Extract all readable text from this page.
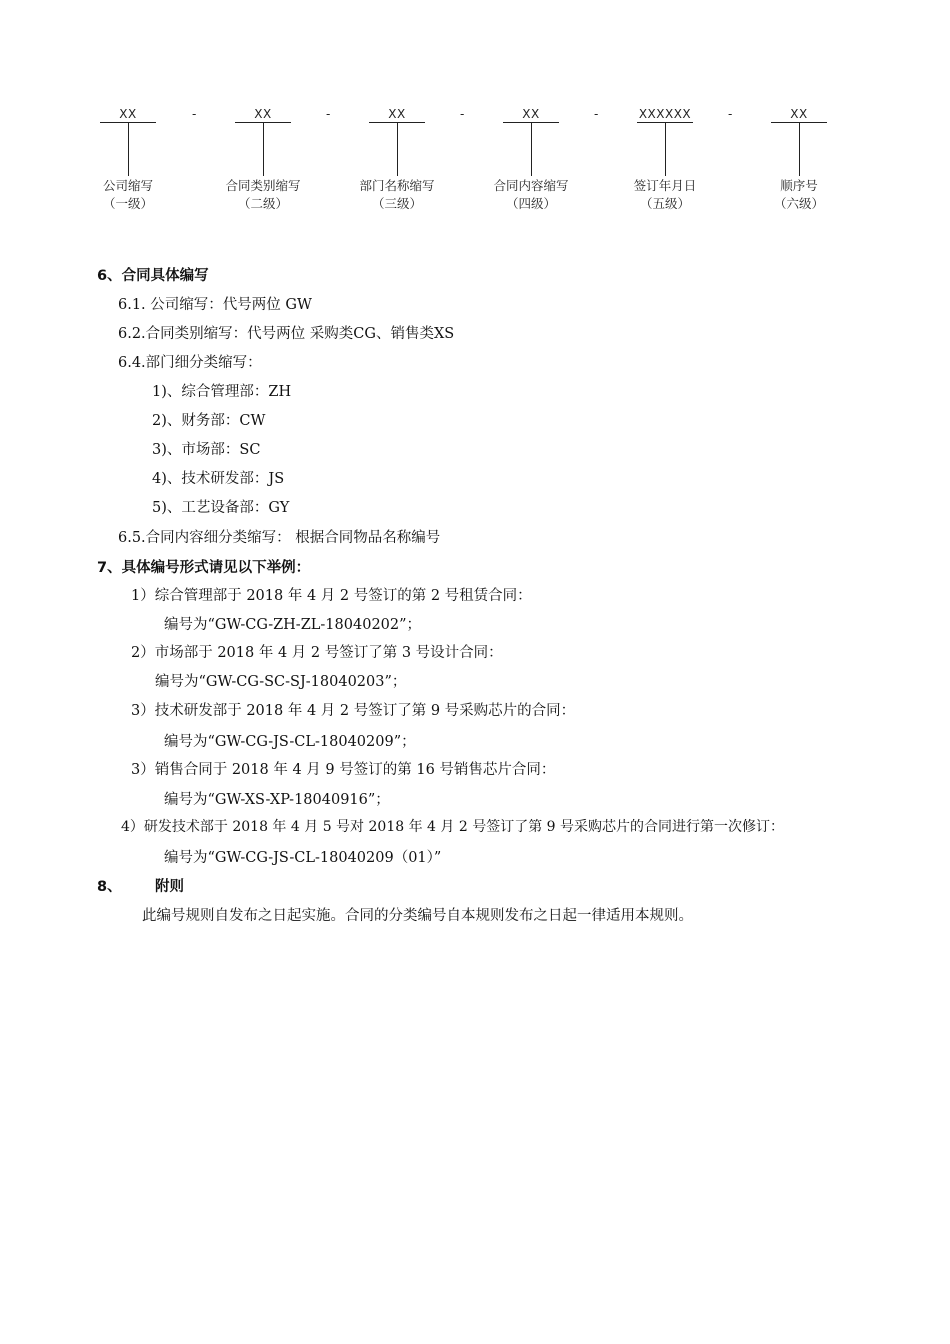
XX
公司缩写
（一级）
-	XX
合同类别缩写
（二级）
-	XX
部门名称缩写
（三级）
-	XX
合同内容缩写
（四级）
-	XXXXXX
签订年月日
（五级）
-	XX
顺序号
（六级）
6、合同具体编写
6.1. 公司缩写：代号两位 GW
6.2.合同类别缩写：代号两位 采购类CG、销售类XS
6.4.部门细分类缩写：
1)、综合管理部：ZH
2)、财务部：CW
3)、市场部：SC
4)、技术研发部：JS
5)、工艺设备部：GY
6.5.合同内容细分类缩写： 根据合同物品名称编号
7、具体编号形式请见以下举例：
1）综合管理部于 2018 年 4 月 2 号签订的第 2 号租赁合同：
编号为“GW-CG-ZH-ZL-18040202”；
2）市场部于 2018 年 4 月 2 号签订了第 3 号设计合同：
编号为“GW-CG-SC-SJ-18040203”；
3）技术研发部于 2018 年 4 月 2 号签订了第 9 号采购芯片的合同：
编号为“GW-CG-JS-CL-18040209”；
3）销售合同于 2018 年 4 月 9 号签订的第 16 号销售芯片合同：
编号为“GW-XS-XP-18040916”；
4）研发技术部于 2018 年 4 月 5 号对 2018 年 4 月 2 号签订了第 9 号采购芯片的合同进行第一次修订：
编号为“GW-CG-JS-CL-18040209（01）”
8、 附则
此编号规则自发布之日起实施。合同的分类编号自本规则发布之日起一律适用本规则。
